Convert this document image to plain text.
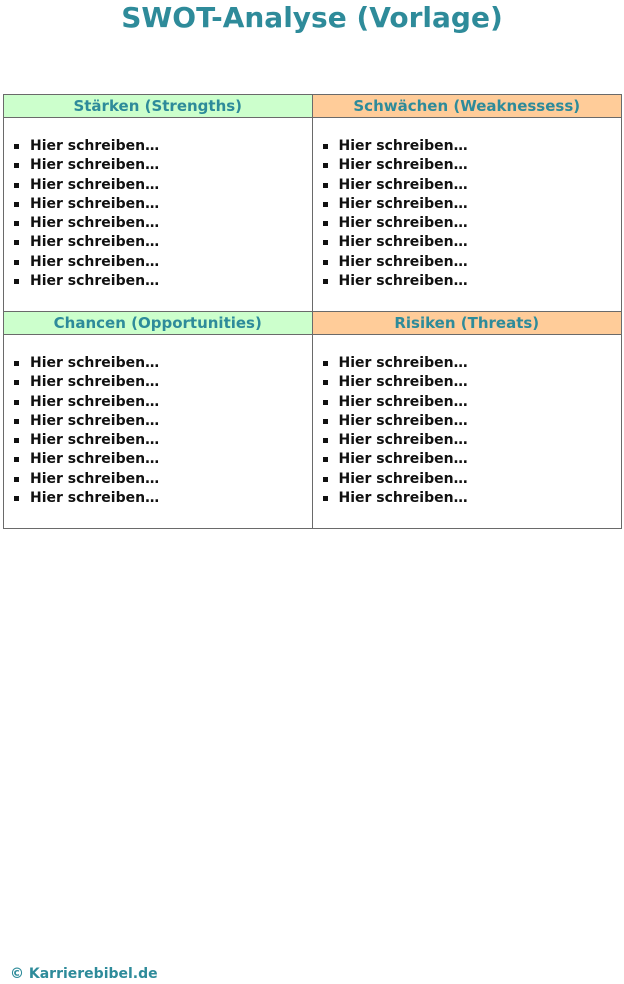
SWOT-Analyse (Vorlage)
Stärken (Strengths)
Hier schreiben…
Hier schreiben…
Hier schreiben…
Hier schreiben…
Hier schreiben…
Hier schreiben…
Hier schreiben…
Hier schreiben…
Schwächen (Weaknessess)
Hier schreiben…
Hier schreiben…
Hier schreiben…
Hier schreiben…
Hier schreiben…
Hier schreiben…
Hier schreiben…
Hier schreiben…
Chancen (Opportunities)
Hier schreiben…
Hier schreiben…
Hier schreiben…
Hier schreiben…
Hier schreiben…
Hier schreiben…
Hier schreiben…
Hier schreiben…
Risiken (Threats)
Hier schreiben…
Hier schreiben…
Hier schreiben…
Hier schreiben…
Hier schreiben…
Hier schreiben…
Hier schreiben…
Hier schreiben…
© Karrierebibel.de
